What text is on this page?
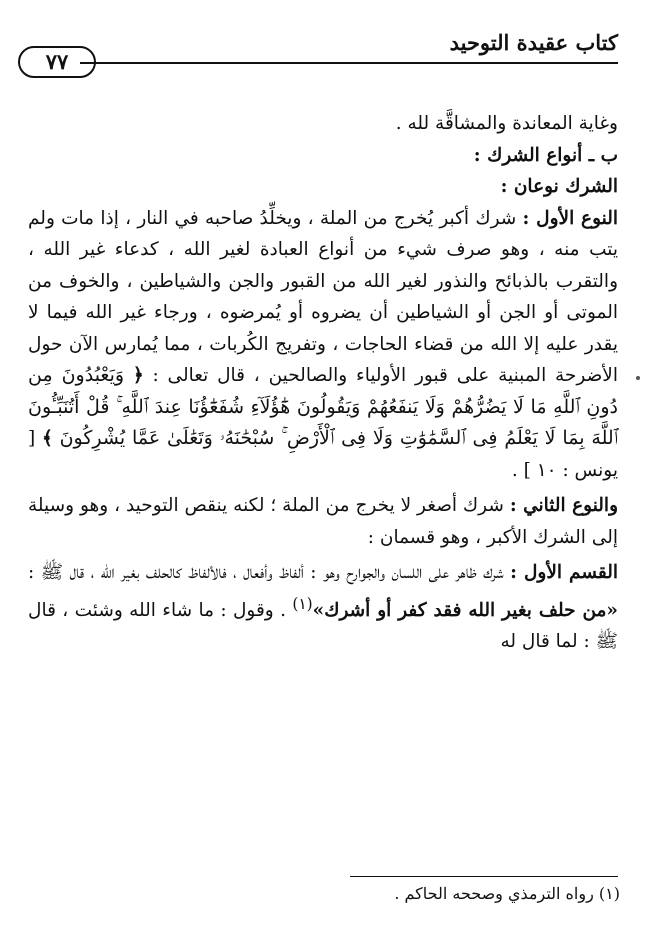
كتاب عقيدة التوحيد
٧٧

وغاية المعاندة والمشاقَّة لله .

ب ـ أنواع الشرك :

الشرك نوعان :

النوع الأول : شرك أكبر يُخرج من الملة ، ويخلِّدُ صاحبه في النار ، إذا مات ولم يتب منه ، وهو صرف شيء من أنواع العبادة لغير الله ، كدعاء غير الله ، والتقرب بالذبائح والنذور لغير الله من القبور والجن والشياطين ، والخوف من الموتى أو الجن أو الشياطين أن يضروه أو يُمرضوه ، ورجاء غير الله فيما لا يقدر عليه إلا الله من قضاء الحاجات ، وتفريج الكُربات ، مما يُمارس الآن حول الأضرحة المبنية على قبور الأولياء والصالحين ، قال تعالى : ﴿ وَيَعْبُدُونَ مِن دُونِ ٱللَّهِ مَا لَا يَضُرُّهُمْ وَلَا يَنفَعُهُمْ وَيَقُولُونَ هَٰٓؤُلَآءِ شُفَعَٰٓؤُنَا عِندَ ٱللَّهِ ۚ قُلْ أَتُنَبِّـُٔونَ ٱللَّهَ بِمَا لَا يَعْلَمُ فِى ٱلسَّمَٰوَٰتِ وَلَا فِى ٱلْأَرْضِ ۚ سُبْحَٰنَهُۥ وَتَعَٰلَىٰ عَمَّا يُشْرِكُونَ ﴾ [ يونس : ١٠ ] .

والنوع الثاني : شرك أصغر لا يخرج من الملة ؛ لكنه ينقص التوحيد ، وهو وسيلة إلى الشرك الأكبر ، وهو قسمان :

القسم الأول : شرك ظاهر على اللسان والجوارح وهو : ألفاظ وأفعال ، فالألفاظ كالحلف بغير الله ، قال ﷺ : «من حلف بغير الله فقد كفر أو أشرك»$^{(١)}$ . وقول : ما شاء الله وشئت ، قال ﷺ : لما قال له

(١) رواه الترمذي وصححه الحاكم .
